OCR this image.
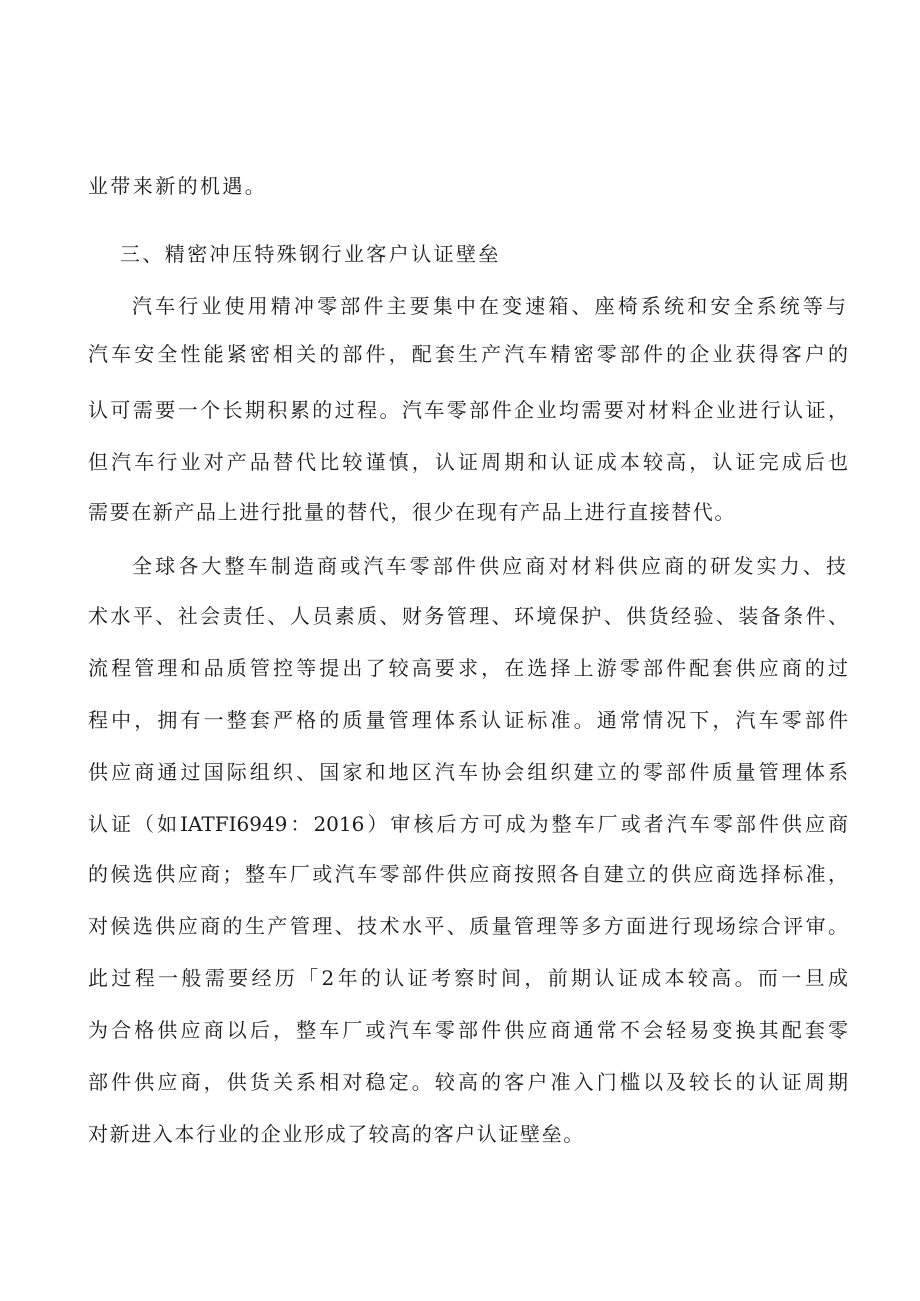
业带来新的机遇。
三、精密冲压特殊钢行业客户认证壁垒
汽车行业使用精冲零部件主要集中在变速箱、座椅系统和安全系统等与
汽车安全性能紧密相关的部件，配套生产汽车精密零部件的企业获得客户的
认可需要一个长期积累的过程。汽车零部件企业均需要对材料企业进行认证，
但汽车行业对产品替代比较谨慎，认证周期和认证成本较高，认证完成后也
需要在新产品上进行批量的替代，很少在现有产品上进行直接替代。
全球各大整车制造商或汽车零部件供应商对材料供应商的研发实力、技
术水平、社会责任、人员素质、财务管理、环境保护、供货经验、装备条件、
流程管理和品质管控等提出了较高要求，在选择上游零部件配套供应商的过
程中，拥有一整套严格的质量管理体系认证标准。通常情况下，汽车零部件
供应商通过国际组织、国家和地区汽车协会组织建立的零部件质量管理体系
认证（如IATFI6949：2016）审核后方可成为整车厂或者汽车零部件供应商
的候选供应商；整车厂或汽车零部件供应商按照各自建立的供应商选择标准，
对候选供应商的生产管理、技术水平、质量管理等多方面进行现场综合评审。
此过程一般需要经历「2年的认证考察时间，前期认证成本较高。而一旦成
为合格供应商以后，整车厂或汽车零部件供应商通常不会轻易变换其配套零
部件供应商，供货关系相对稳定。较高的客户准入门槛以及较长的认证周期
对新进入本行业的企业形成了较高的客户认证壁垒。
